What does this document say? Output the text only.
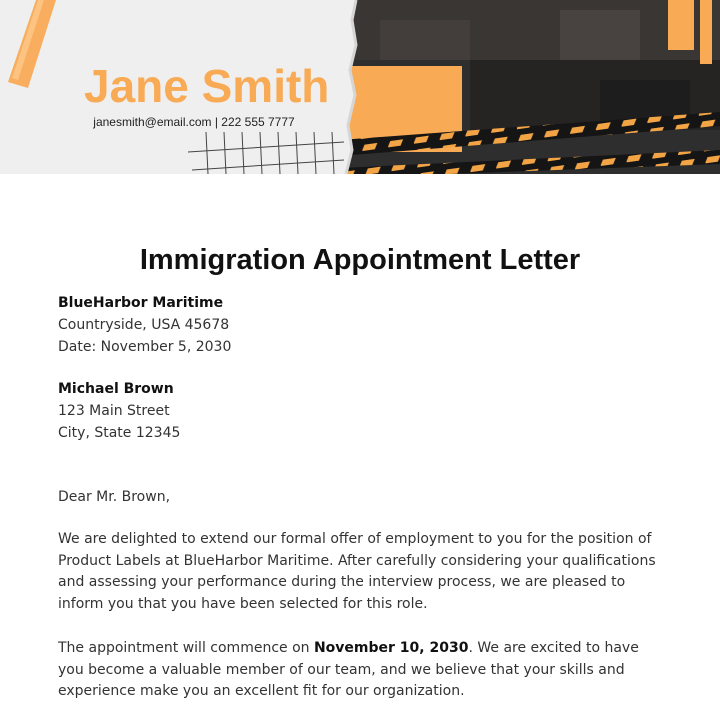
Jane Smith
janesmith@email.com | 222 555 7777
Immigration Appointment Letter
BlueHarbor Maritime
Countryside, USA 45678
Date: November 5, 2030
Michael Brown
123 Main Street
City, State 12345
Dear Mr. Brown,
We are delighted to extend our formal offer of employment to you for the position of Product Labels at BlueHarbor Maritime. After carefully considering your qualifications and assessing your performance during the interview process, we are pleased to inform you that you have been selected for this role.
The appointment will commence on November 10, 2030. We are excited to have you become a valuable member of our team, and we believe that your skills and experience make you an excellent fit for our organization.
